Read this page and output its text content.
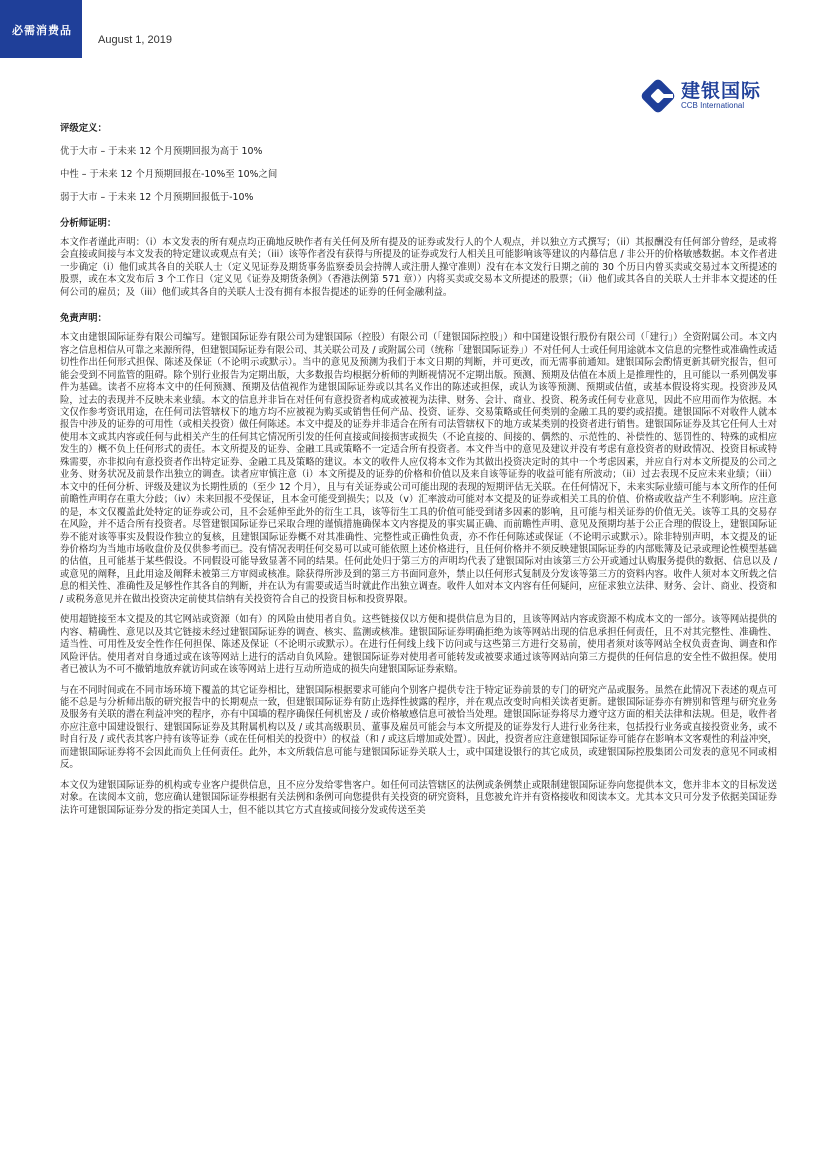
必需消费品
August 1, 2019
建银国际
CCB International
评级定义：
优于大市 – 于未来 12 个月预期回报为高于 10%
中性 – 于未来 12 个月预期回报在-10%至 10%之间
弱于大市 – 于未来 12 个月预期回报低于-10%
分析师证明：

本文作者谨此声明：（i）本文发表的所有观点均正确地反映作者有关任何及所有提及的证券或发行人的个人观点，并以独立方式撰写；（ii）其报酬没有任何部分曾经，是或将会直接或间接与本文发表的特定建议或观点有关；（iii）该等作者没有获得与所提及的证券或发行人相关且可能影响该等建议的内幕信息 / 非公开的价格敏感数据。本文作者进一步确定（i）他们或其各自的关联人士（定义见证券及期货事务监察委员会持牌人或注册人操守准则）没有在本文发行日期之前的 30 个历日内曾买卖或交易过本文所提述的股票，或在本文发布后 3 个工作日（定义见《证券及期货条例》（香港法例第 571 章））内将买卖或交易本文所提述的股票；（ii）他们或其各自的关联人士并非本文提述的任何公司的雇员；及（iii）他们或其各自的关联人士没有拥有本报告提述的证券的任何金融利益。

免责声明：

本文由建银国际证券有限公司编写。建银国际证券有限公司为建银国际（控股）有限公司（「建银国际控股」）和中国建设银行股份有限公司（「建行」）全资附属公司。本文内容之信息相信从可靠之来源所得，但建银国际证券有限公司、其关联公司及 / 或附属公司（统称「建银国际证券」）不对任何人士或任何用途就本文信息的完整性或准确性或适切性作出任何形式担保、陈述及保证（不论明示或默示）。当中的意见及预测为我们于本文日期的判断，并可更改，而无需事前通知。建银国际会酌情更新其研究报告，但可能会受到不同监管的阻碍。除个别行业报告为定期出版，大多数报告均根据分析师的判断视情况不定期出版。预测、预期及估值在本质上是推理性的，且可能以一系列偶发事件为基础。读者不应将本文中的任何预测、预期及估值视作为建银国际证券或以其名义作出的陈述或担保，或认为该等预测、预期或估值，或基本假设将实现。投资涉及风险，过去的表现并不反映未来业绩。本文的信息并非旨在对任何有意投资者构成或被视为法律、财务、会计、商业、投资、税务或任何专业意见，因此不应用而作为依据。本文仅作参考资讯用途，在任何司法管辖权下的地方均不应被视为购买或销售任何产品、投资、证券、交易策略或任何类别的金融工具的要约或招揽。建银国际不对收件人就本报告中涉及的证券的可用性（或相关投资）做任何陈述。本文中提及的证券并非适合在所有司法管辖权下的地方或某类别的投资者进行销售。建银国际证券及其它任何人士对使用本文或其内容或任何与此相关产生的任何其它情况所引发的任何直接或间接损害或损失（不论直接的、间接的、偶然的、示范性的、补偿性的、惩罚性的、特殊的或相应发生的）概不负上任何形式的责任。本文所提及的证券、金融工具或策略不一定适合所有投资者。本文件当中的意见及建议并没有考虑有意投资者的财政情况、投资目标或特殊需要，亦非拟向有意投资者作出特定证券、金融工具及策略的建议。本文的收件人应仅将本文作为其做出投资决定时的其中一个考虑因素，并应自行对本文所提及的公司之业务、财务状况及前景作出独立的调查。读者应审慎注意（i）本文所提及的证券的价格和价值以及来自该等证券的收益可能有所波动；（ii）过去表现不反应未来业绩；（iii）本文中的任何分析、评级及建议为长期性质的（至少 12 个月），且与有关证券或公司可能出现的表现的短期评估无关联。在任何情况下，未来实际业绩可能与本文所作的任何前瞻性声明存在重大分歧；（iv）未来回报不受保证，且本金可能受到损失；以及（v）汇率波动可能对本文提及的证券或相关工具的价值、价格或收益产生不利影响。应注意的是，本文仅覆盖此处特定的证券或公司，且不会延伸至此外的衍生工具，该等衍生工具的价值可能受到诸多因素的影响，且可能与相关证券的价值无关。该等工具的交易存在风险，并不适合所有投资者。尽管建银国际证券已采取合理的谨慎措施确保本文内容提及的事实属正确、而前瞻性声明、意见及预期均基于公正合理的假设上，建银国际证券不能对该等事实及假设作独立的复核，且建银国际证券概不对其准确性、完整性或正确性负责，亦不作任何陈述或保证（不论明示或默示）。除非特别声明，本文提及的证券价格均为当地市场收盘价及仅供参考而已。没有情况表明任何交易可以或可能依照上述价格进行，且任何价格并不须反映建银国际证券的内部账簿及记录或理论性模型基础的估值，且可能基于某些假设。不同假设可能导致显著不同的结果。任何此处归于第三方的声明均代表了建银国际对由该第三方公开或通过认购服务提供的数据、信息以及 / 或意见的阐释，且此用途及阐释未被第三方审阅或核准。除获得所涉及到的第三方书面同意外，禁止以任何形式复制及分发该等第三方的资料内容。收件人须对本文所载之信息的相关性、准确性及足够性作其各自的判断，并在认为有需要或适当时就此作出独立调查。收件人如对本文内容有任何疑问，应征求独立法律、财务、会计、商业、投资和 / 或税务意见并在做出投资决定前使其信纳有关投资符合自己的投资目标和投资界限。

使用超链接至本文提及的其它网站或资源（如有）的风险由使用者自负。这些链接仅以方便和提供信息为目的，且该等网站内容或资源不构成本文的一部分。该等网站提供的内容、精确性、意见以及其它链接未经过建银国际证券的调查、核实、监测或核准。建银国际证券明确拒绝为该等网站出现的信息承担任何责任，且不对其完整性、准确性、适当性、可用性及安全性作任何担保、陈述及保证（不论明示或默示）。在进行任何线上线下访问或与这些第三方进行交易前，使用者须对该等网站全权负责查询、调查和作风险评估。使用者对自身通过或在该等网站上进行的活动自负风险。建银国际证券对使用者可能转发或被要求通过该等网站向第三方提供的任何信息的安全性不做担保。使用者已被认为不可不撤销地放弃就访问或在该等网站上进行互动所造成的损失向建银国际证券索赔。

与在不同时间或在不同市场环境下覆盖的其它证券相比，建银国际根据要求可能向个别客户提供专注于特定证券前景的专门的研究产品或服务。虽然在此情况下表述的观点可能不总是与分析师出版的研究报告中的长期观点一致，但建银国际证券有防止选择性披露的程序，并在观点改变时向相关读者更新。建银国际证券亦有辨别和管理与研究业务及服务有关联的潜在利益冲突的程序，亦有中国墙的程序确保任何机密及 / 或价格敏感信息可被恰当处理。建银国际证券将尽力遵守这方面的相关法律和法规。但是，收件者亦应注意中国建设银行、建银国际证券及其附属机构以及 / 或其高级职员、董事及雇员可能会与本文所提及的证券发行人进行业务往来，包括投行业务或直接投资业务，或不时自行及 / 或代表其客户持有该等证券（或在任何相关的投资中）的权益（和 / 或这后增加或处置）。因此，投资者应注意建银国际证券可能存在影响本文客观性的利益冲突，而建银国际证券将不会因此而负上任何责任。此外，本文所载信息可能与建银国际证券关联人士，或中国建设银行的其它成员，或建银国际控股集团公司发表的意见不同或相反。

本文仅为建银国际证券的机构或专业客户提供信息，且不应分发给零售客户。如任何司法管辖区的法例或条例禁止或限制建银国际证券向您提供本文，您并非本文的目标发送对象。在读阅本文前，您应确认建银国际证券根据有关法例和条例可向您提供有关投资的研究资料，且您被允许并有资格接收和阅读本文。尤其本文只可分发予依据美国证券法许可建银国际证券分发的指定美国人士，但不能以其它方式直接或间接分发或传送至美
